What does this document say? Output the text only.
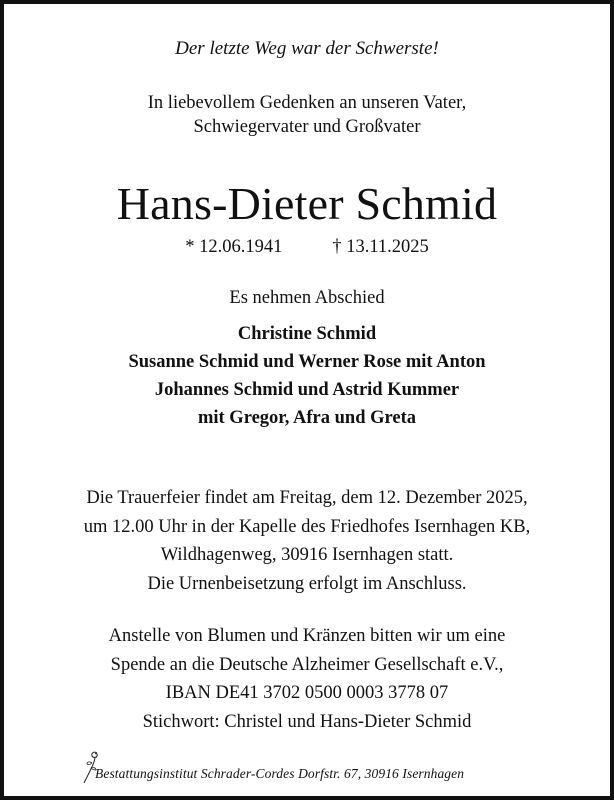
Der letzte Weg war der Schwerste!
In liebevollem Gedenken an unseren Vater,
Schwiegervater und Großvater
Hans-Dieter Schmid
* 12.06.1941	† 13.11.2025
Es nehmen Abschied
Christine Schmid
Susanne Schmid und Werner Rose mit Anton
Johannes Schmid und Astrid Kummer
mit Gregor, Afra und Greta
Die Trauerfeier findet am Freitag, dem 12. Dezember 2025,
um 12.00 Uhr in der Kapelle des Friedhofes Isernhagen KB,
Wildhagenweg, 30916 Isernhagen statt.
Die Urnenbeisetzung erfolgt im Anschluss.
Anstelle von Blumen und Kränzen bitten wir um eine
Spende an die Deutsche Alzheimer Gesellschaft e.V.,
IBAN DE41 3702 0500 0003 3778 07
Stichwort: Christel und Hans-Dieter Schmid
Bestattungsinstitut Schrader-Cordes Dorfstr. 67, 30916 Isernhagen
